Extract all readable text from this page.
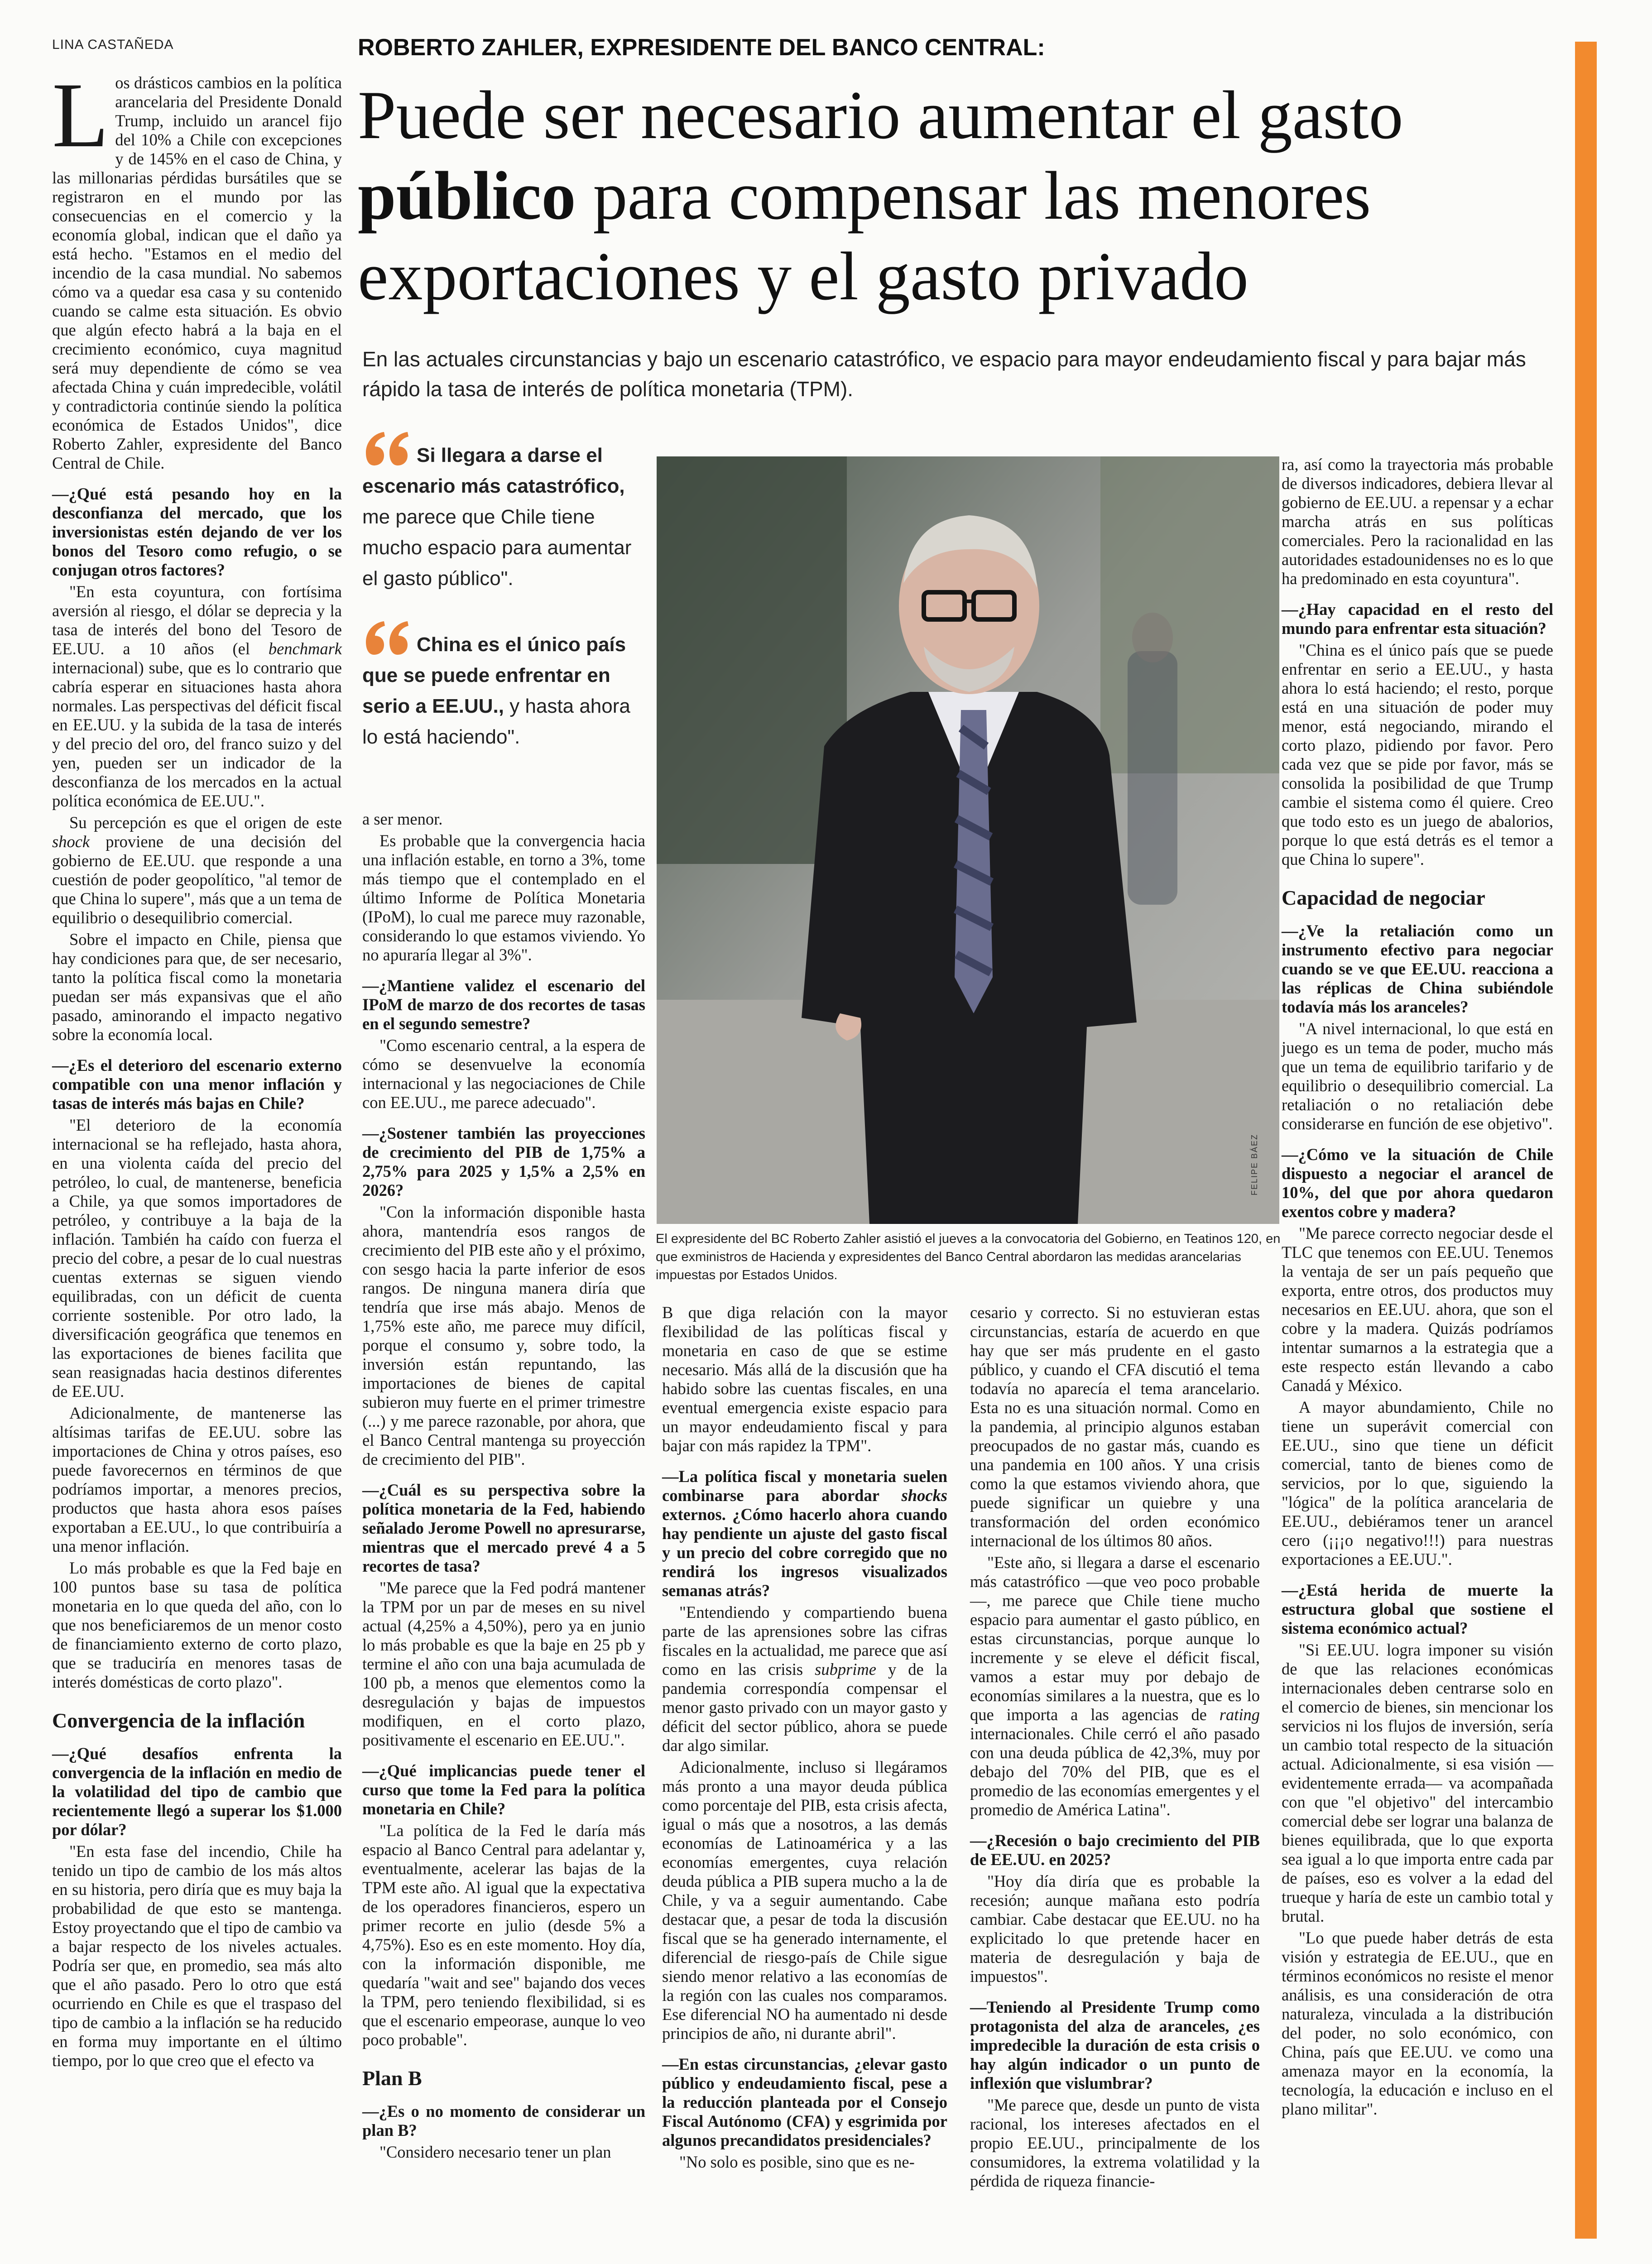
LINA CASTAÑEDA	ROBERTO ZAHLER, EXPRESIDENTE DEL BANCO CENTRAL:
Puede ser necesario aumentar el gasto
público para compensar las menores
exportaciones y el gasto privado
En las actuales circunstancias y bajo un escenario catastrófico, ve espacio para mayor endeudamiento fiscal y para bajar más rápido la tasa de interés de política monetaria (TPM).

Los drásticos cambios en la política arancelaria del Presidente Donald Trump, incluido un arancel fijo del 10% a Chile con excepciones y de 145% en el caso de China, y las millonarias pérdidas bursátiles que se registraron en el mundo por las consecuencias en el comercio y la economía global, indican que el daño ya está hecho. "Estamos en el medio del incendio de la casa mundial. No sabemos cómo va a quedar esa casa y su contenido cuando se calme esta situación. Es obvio que algún efecto habrá a la baja en el crecimiento económico, cuya magnitud será muy dependiente de cómo se vea afectada China y cuán impredecible, volátil y contradictoria continúe siendo la política económica de Estados Unidos", dice Roberto Zahler, expresidente del Banco Central de Chile.

—¿Qué está pesando hoy en la desconfianza del mercado, que los inversionistas estén dejando de ver los bonos del Tesoro como refugio, o se conjugan otros factores?

"En esta coyuntura, con fortísima aversión al riesgo, el dólar se deprecia y la tasa de interés del bono del Tesoro de EE.UU. a 10 años (el benchmark internacional) sube, que es lo contrario que cabría esperar en situaciones hasta ahora normales. Las perspectivas del déficit fiscal en EE.UU. y la subida de la tasa de interés y del precio del oro, del franco suizo y del yen, pueden ser un indicador de la desconfianza de los mercados en la actual política económica de EE.UU.".

Su percepción es que el origen de este shock proviene de una decisión del gobierno de EE.UU. que responde a una cuestión de poder geopolítico, "al temor de que China lo supere", más que a un tema de equilibrio o desequilibrio comercial.

Sobre el impacto en Chile, piensa que hay condiciones para que, de ser necesario, tanto la política fiscal como la monetaria puedan ser más expansivas que el año pasado, aminorando el impacto negativo sobre la economía local.

—¿Es el deterioro del escenario externo compatible con una menor inflación y tasas de interés más bajas en Chile?

"El deterioro de la economía internacional se ha reflejado, hasta ahora, en una violenta caída del precio del petróleo, lo cual, de mantenerse, beneficia a Chile, ya que somos importadores de petróleo, y contribuye a la baja de la inflación. También ha caído con fuerza el precio del cobre, a pesar de lo cual nuestras cuentas externas se siguen viendo equilibradas, con un déficit de cuenta corriente sostenible. Por otro lado, la diversificación geográfica que tenemos en las exportaciones de bienes facilita que sean reasignadas hacia destinos diferentes de EE.UU.

Adicionalmente, de mantenerse las altísimas tarifas de EE.UU. sobre las importaciones de China y otros países, eso puede favorecernos en términos de que podríamos importar, a menores precios, productos que hasta ahora esos países exportaban a EE.UU., lo que contribuiría a una menor inflación.

Lo más probable es que la Fed baje en 100 puntos base su tasa de política monetaria en lo que queda del año, con lo que nos beneficiaremos de un menor costo de financiamiento externo de corto plazo, que se traduciría en menores tasas de interés domésticas de corto plazo".

Convergencia de la inflación

—¿Qué desafíos enfrenta la convergencia de la inflación en medio de la volatilidad del tipo de cambio que recientemente llegó a superar los $1.000 por dólar?

"En esta fase del incendio, Chile ha tenido un tipo de cambio de los más altos en su historia, pero diría que es muy baja la probabilidad de que esto se mantenga. Estoy proyectando que el tipo de cambio va a bajar respecto de los niveles actuales. Podría ser que, en promedio, sea más alto que el año pasado. Pero lo otro que está ocurriendo en Chile es que el traspaso del tipo de cambio a la inflación se ha reducido en forma muy importante en el último tiempo, por lo que creo que el efecto va

Si llegara a darse el escenario más catastrófico, me parece que Chile tiene mucho espacio para aumentar el gasto público".
China es el único país que se puede enfrentar en serio a EE.UU., y hasta ahora lo está haciendo".
FELIPE BÁEZ
El expresidente del BC Roberto Zahler asistió el jueves a la convocatoria del Gobierno, en Teatinos 120, en que exministros de Hacienda y expresidentes del Banco Central abordaron las medidas arancelarias impuestas por Estados Unidos.

a ser menor.

Es probable que la convergencia hacia una inflación estable, en torno a 3%, tome más tiempo que el contemplado en el último Informe de Política Monetaria (IPoM), lo cual me parece muy razonable, considerando lo que estamos viviendo. Yo no apuraría llegar al 3%".

—¿Mantiene validez el escenario del IPoM de marzo de dos recortes de tasas en el segundo semestre?

"Como escenario central, a la espera de cómo se desenvuelve la economía internacional y las negociaciones de Chile con EE.UU., me parece adecuado".

—¿Sostener también las proyecciones de crecimiento del PIB de 1,75% a 2,75% para 2025 y 1,5% a 2,5% en 2026?

"Con la información disponible hasta ahora, mantendría esos rangos de crecimiento del PIB este año y el próximo, con sesgo hacia la parte inferior de esos rangos. De ninguna manera diría que tendría que irse más abajo. Menos de 1,75% este año, me parece muy difícil, porque el consumo y, sobre todo, la inversión están repuntando, las importaciones de bienes de capital subieron muy fuerte en el primer trimestre (...) y me parece razonable, por ahora, que el Banco Central mantenga su proyección de crecimiento del PIB".

—¿Cuál es su perspectiva sobre la política monetaria de la Fed, habiendo señalado Jerome Powell no apresurarse, mientras que el mercado prevé 4 a 5 recortes de tasa?

"Me parece que la Fed podrá mantener la TPM por un par de meses en su nivel actual (4,25% a 4,50%), pero ya en junio lo más probable es que la baje en 25 pb y termine el año con una baja acumulada de 100 pb, a menos que elementos como la desregulación y bajas de impuestos modifiquen, en el corto plazo, positivamente el escenario en EE.UU.".

—¿Qué implicancias puede tener el curso que tome la Fed para la política monetaria en Chile?

"La política de la Fed le daría más espacio al Banco Central para adelantar y, eventualmente, acelerar las bajas de la TPM este año. Al igual que la expectativa de los operadores financieros, espero un primer recorte en julio (desde 5% a 4,75%). Eso es en este momento. Hoy día, con la información disponible, me quedaría "wait and see" bajando dos veces la TPM, pero teniendo flexibilidad, si es que el escenario empeorase, aunque lo veo poco probable".

Plan B

—¿Es o no momento de considerar un plan B?

"Considero necesario tener un plan

B que diga relación con la mayor flexibilidad de las políticas fiscal y monetaria en caso de que se estime necesario. Más allá de la discusión que ha habido sobre las cuentas fiscales, en una eventual emergencia existe espacio para un mayor endeudamiento fiscal y para bajar con más rapidez la TPM".

—La política fiscal y monetaria suelen combinarse para abordar shocks externos. ¿Cómo hacerlo ahora cuando hay pendiente un ajuste del gasto fiscal y un precio del cobre corregido que no rendirá los ingresos visualizados semanas atrás?

"Entendiendo y compartiendo buena parte de las aprensiones sobre las cifras fiscales en la actualidad, me parece que así como en las crisis subprime y de la pandemia correspondía compensar el menor gasto privado con un mayor gasto y déficit del sector público, ahora se puede dar algo similar.

Adicionalmente, incluso si llegáramos más pronto a una mayor deuda pública como porcentaje del PIB, esta crisis afecta, igual o más que a nosotros, a las demás economías de Latinoamérica y a las economías emergentes, cuya relación deuda pública a PIB supera mucho a la de Chile, y va a seguir aumentando. Cabe destacar que, a pesar de toda la discusión fiscal que se ha generado internamente, el diferencial de riesgo-país de Chile sigue siendo menor relativo a las economías de la región con las cuales nos comparamos. Ese diferencial NO ha aumentado ni desde principios de año, ni durante abril".

—En estas circunstancias, ¿elevar gasto público y endeudamiento fiscal, pese a la reducción planteada por el Consejo Fiscal Autónomo (CFA) y esgrimida por algunos precandidatos presidenciales?

"No solo es posible, sino que es ne-

cesario y correcto. Si no estuvieran estas circunstancias, estaría de acuerdo en que hay que ser más prudente en el gasto público, y cuando el CFA discutió el tema todavía no aparecía el tema arancelario. Esta no es una situación normal. Como en la pandemia, al principio algunos estaban preocupados de no gastar más, cuando es una pandemia en 100 años. Y una crisis como la que estamos viviendo ahora, que puede significar un quiebre y una transformación del orden económico internacional de los últimos 80 años.

"Este año, si llegara a darse el escenario más catastrófico —que veo poco probable—, me parece que Chile tiene mucho espacio para aumentar el gasto público, en estas circunstancias, porque aunque lo incremente y se eleve el déficit fiscal, vamos a estar muy por debajo de economías similares a la nuestra, que es lo que importa a las agencias de rating internacionales. Chile cerró el año pasado con una deuda pública de 42,3%, muy por debajo del 70% del PIB, que es el promedio de las economías emergentes y el promedio de América Latina".

—¿Recesión o bajo crecimiento del PIB de EE.UU. en 2025?

"Hoy día diría que es probable la recesión; aunque mañana esto podría cambiar. Cabe destacar que EE.UU. no ha explicitado lo que pretende hacer en materia de desregulación y baja de impuestos".

—Teniendo al Presidente Trump como protagonista del alza de aranceles, ¿es impredecible la duración de esta crisis o hay algún indicador o un punto de inflexión que vislumbrar?

"Me parece que, desde un punto de vista racional, los intereses afectados en el propio EE.UU., principalmente de los consumidores, la extrema volatilidad y la pérdida de riqueza financie-

ra, así como la trayectoria más probable de diversos indicadores, debiera llevar al gobierno de EE.UU. a repensar y a echar marcha atrás en sus políticas comerciales. Pero la racionalidad en las autoridades estadounidenses no es lo que ha predominado en esta coyuntura".

—¿Hay capacidad en el resto del mundo para enfrentar esta situación?

"China es el único país que se puede enfrentar en serio a EE.UU., y hasta ahora lo está haciendo; el resto, porque está en una situación de poder muy menor, está negociando, mirando el corto plazo, pidiendo por favor. Pero cada vez que se pide por favor, más se consolida la posibilidad de que Trump cambie el sistema como él quiere. Creo que todo esto es un juego de abalorios, porque lo que está detrás es el temor a que China lo supere".

Capacidad de negociar

—¿Ve la retaliación como un instrumento efectivo para negociar cuando se ve que EE.UU. reacciona a las réplicas de China subiéndole todavía más los aranceles?

"A nivel internacional, lo que está en juego es un tema de poder, mucho más que un tema de equilibrio tarifario y de equilibrio o desequilibrio comercial. La retaliación o no retaliación debe considerarse en función de ese objetivo".

—¿Cómo ve la situación de Chile dispuesto a negociar el arancel de 10%, del que por ahora quedaron exentos cobre y madera?

"Me parece correcto negociar desde el TLC que tenemos con EE.UU. Tenemos la ventaja de ser un país pequeño que exporta, entre otros, dos productos muy necesarios en EE.UU. ahora, que son el cobre y la madera. Quizás podríamos intentar sumarnos a la estrategia que a este respecto están llevando a cabo Canadá y México.

A mayor abundamiento, Chile no tiene un superávit comercial con EE.UU., sino que tiene un déficit comercial, tanto de bienes como de servicios, por lo que, siguiendo la "lógica" de la política arancelaria de EE.UU., debiéramos tener un arancel cero (¡¡¡o negativo!!!) para nuestras exportaciones a EE.UU.".

—¿Está herida de muerte la estructura global que sostiene el sistema económico actual?

"Si EE.UU. logra imponer su visión de que las relaciones económicas internacionales deben centrarse solo en el comercio de bienes, sin mencionar los servicios ni los flujos de inversión, sería un cambio total respecto de la situación actual. Adicionalmente, si esa visión —evidentemente errada— va acompañada con que "el objetivo" del intercambio comercial debe ser lograr una balanza de bienes equilibrada, que lo que exporta sea igual a lo que importa entre cada par de países, eso es volver a la edad del trueque y haría de este un cambio total y brutal.

"Lo que puede haber detrás de esta visión y estrategia de EE.UU., que en términos económicos no resiste el menor análisis, es una consideración de otra naturaleza, vinculada a la distribución del poder, no solo económico, con China, país que EE.UU. ve como una amenaza mayor en la economía, la tecnología, la educación e incluso en el plano militar".
